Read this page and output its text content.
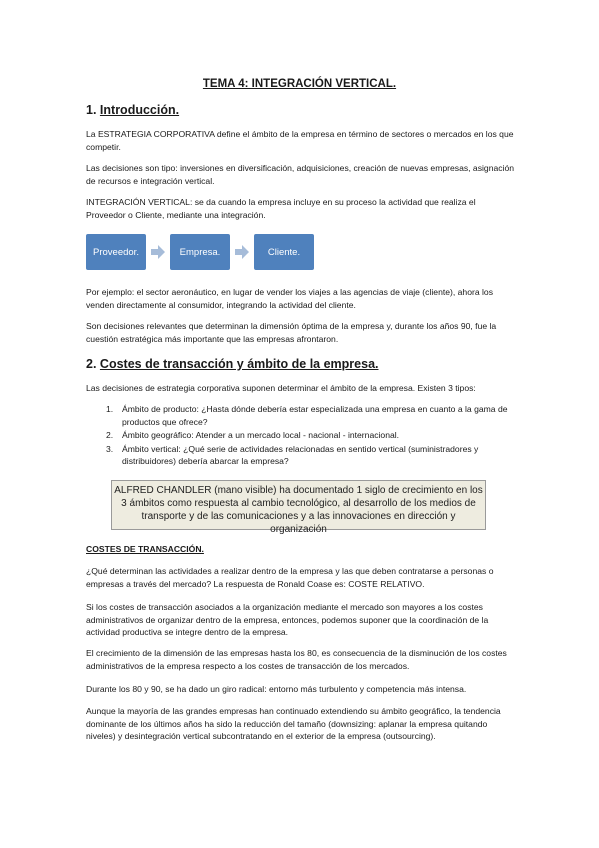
TEMA 4: INTEGRACIÓN VERTICAL.
1. Introducción.
La ESTRATEGIA CORPORATIVA define el ámbito de la empresa en término de sectores o mercados en los que competir.
Las decisiones son tipo: inversiones en diversificación, adquisiciones, creación de nuevas empresas, asignación de recursos e integración vertical.
INTEGRACIÓN VERTICAL: se da cuando la empresa incluye en su proceso la actividad que realiza el Proveedor o Cliente, mediante una integración.
Proveedor.	Empresa.	Cliente.
Por ejemplo: el sector aeronáutico, en lugar de vender los viajes a las agencias de viaje (cliente), ahora los venden directamente al consumidor, integrando la actividad del cliente.
Son decisiones relevantes que determinan la dimensión óptima de la empresa y, durante los años 90, fue la cuestión estratégica más importante que las empresas afrontaron.
2. Costes de transacción y ámbito de la empresa.
Las decisiones de estrategia corporativa suponen determinar el ámbito de la empresa. Existen 3 tipos:
1. Ámbito de producto: ¿Hasta dónde debería estar especializada una empresa en cuanto a la gama de productos que ofrece?
2. Ámbito geográfico: Atender a un mercado local - nacional - internacional.
3. Ámbito vertical: ¿Qué serie de actividades relacionadas en sentido vertical (suministradores y distribuidores) debería abarcar la empresa?
ALFRED CHANDLER (mano visible) ha documentado 1 siglo de crecimiento en los 3 ámbitos como respuesta al cambio tecnológico, al desarrollo de los medios de transporte y de las comunicaciones y a las innovaciones en dirección y organización
COSTES DE TRANSACCIÓN.
¿Qué determinan las actividades a realizar dentro de la empresa y las que deben contratarse a personas o empresas a través del mercado? La respuesta de Ronald Coase es: COSTE RELATIVO.
Si los costes de transacción asociados a la organización mediante el mercado son mayores a los costes administrativos de organizar dentro de la empresa, entonces, podemos suponer que la coordinación de la actividad productiva se integre dentro de la empresa.
El crecimiento de la dimensión de las empresas hasta los 80, es consecuencia de la disminución de los costes administrativos de la empresa respecto a los costes de transacción de los mercados.
Durante los 80 y 90, se ha dado un giro radical: entorno más turbulento y competencia más intensa.
Aunque la mayoría de las grandes empresas han continuado extendiendo su ámbito geográfico, la tendencia dominante de los últimos años ha sido la reducción del tamaño (downsizing: aplanar la empresa quitando niveles) y desintegración vertical subcontratando en el exterior de la empresa (outsourcing).
